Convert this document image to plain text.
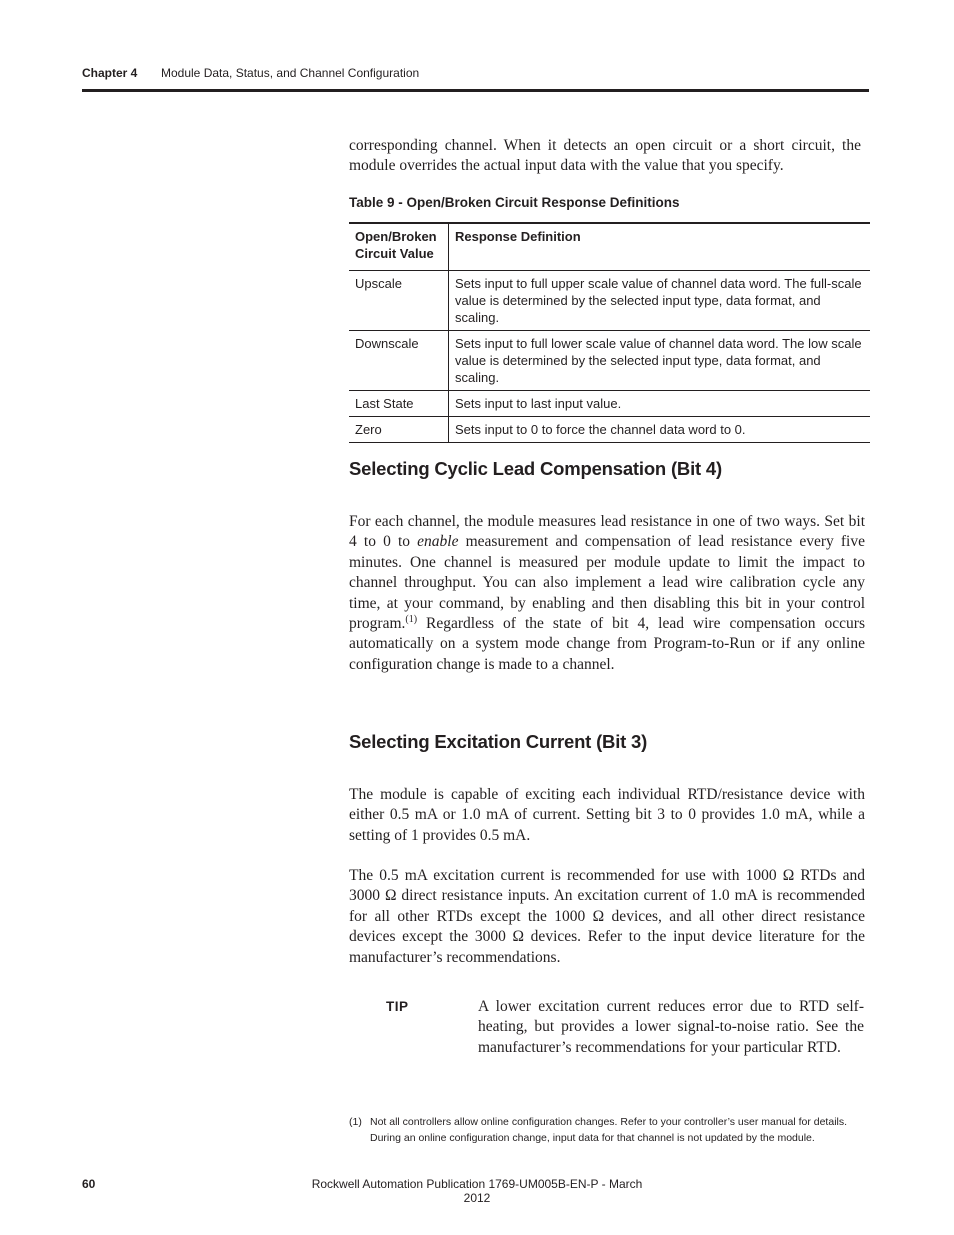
Chapter 4 Module Data, Status, and Channel Configuration

corresponding channel. When it detects an open circuit or a short circuit, the module overrides the actual input data with the value that you specify.

Table 9 - Open/Broken Circuit Response Definitions
Open/Broken Circuit Value	Response Definition
Upscale	Sets input to full upper scale value of channel data word. The full-scale value is determined by the selected input type, data format, and scaling.
Downscale	Sets input to full lower scale value of channel data word. The low scale value is determined by the selected input type, data format, and scaling.
Last State	Sets input to last input value.
Zero	Sets input to 0 to force the channel data word to 0.
Selecting Cyclic Lead Compensation (Bit 4)

For each channel, the module measures lead resistance in one of two ways. Set bit 4 to 0 to enable measurement and compensation of lead resistance every five minutes. One channel is measured per module update to limit the impact to channel throughput. You can also implement a lead wire calibration cycle any time, at your command, by enabling and then disabling this bit in your control program.$^{(1)}$ Regardless of the state of bit 4, lead wire compensation occurs automatically on a system mode change from Program-to-Run or if any online configuration change is made to a channel.

Selecting Excitation Current (Bit 3)

The module is capable of exciting each individual RTD/resistance device with either 0.5 mA or 1.0 mA of current. Setting bit 3 to 0 provides 1.0 mA, while a setting of 1 provides 0.5 mA.

The 0.5 mA excitation current is recommended for use with 1000 Ω RTDs and 3000 Ω direct resistance inputs. An excitation current of 1.0 mA is recommended for all other RTDs except the 1000 Ω devices, and all other direct resistance devices except the 3000 Ω devices. Refer to the input device literature for the manufacturer’s recommendations.

TIP	A lower excitation current reduces error due to RTD self-heating, but provides a lower signal-to-noise ratio. See the manufacturer’s recommendations for your particular RTD.

(1) Not all controllers allow online configuration changes. Refer to your controller’s user manual for details. During an online configuration change, input data for that channel is not updated by the module.
60	Rockwell Automation Publication 1769-UM005B-EN-P - March 2012
